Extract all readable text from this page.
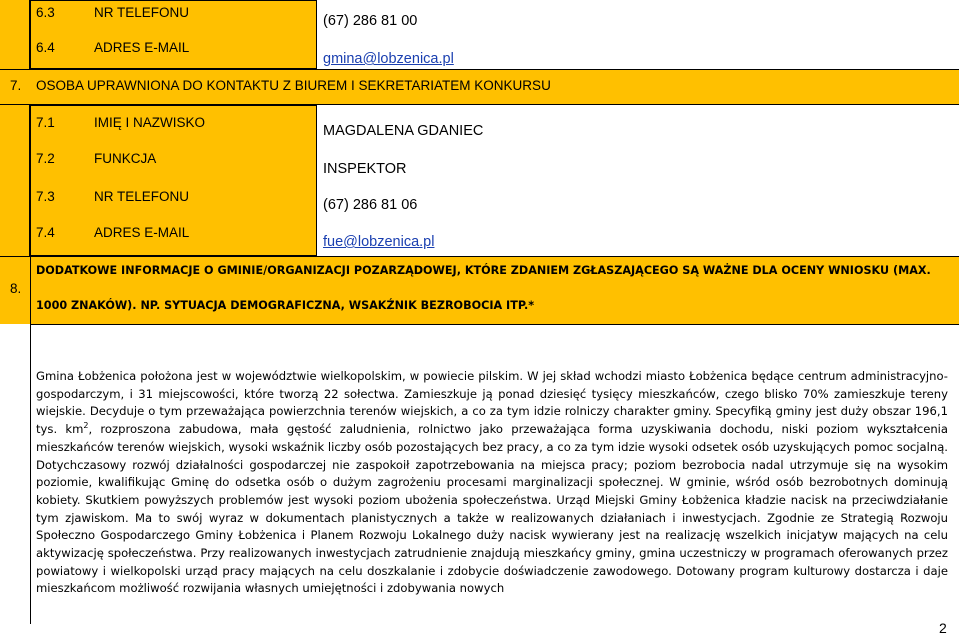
6.3	NR TELEFONU
(67) 286 81 00
6.4	ADRES E-MAIL
gmina@lobzenica.pl
7. OSOBA UPRAWNIONA DO KONTAKTU Z BIUREM I SEKRETARIATEM KONKURSU
7.1	IMIĘ I NAZWISKO
MAGDALENA GDANIEC
7.2	FUNKCJA
INSPEKTOR
7.3	NR TELEFONU
(67) 286 81 06
7.4	ADRES E-MAIL
fue@lobzenica.pl
8.
DODATKOWE INFORMACJE O GMINIE/ORGANIZACJI POZARZĄDOWEJ, KTÓRE ZDANIEM ZGŁASZAJĄCEGO SĄ WAŻNE DLA OCENY WNIOSKU (MAX.
1000 ZNAKÓW). NP. SYTUACJA DEMOGRAFICZNA, WSAKŹNIK BEZROBOCIA ITP.*
Gmina Łobżenica położona jest w województwie wielkopolskim, w powiecie pilskim. W jej skład wchodzi miasto Łobżenica będące centrum administracyjno-gospodarczym, i 31 miejscowości, które tworzą 22 sołectwa. Zamieszkuje ją ponad dziesięć tysięcy mieszkańców, czego blisko 70% zamieszkuje tereny wiejskie. Decyduje o tym przeważająca powierzchnia terenów wiejskich, a co za tym idzie rolniczy charakter gminy. Specyfiką gminy jest duży obszar 196,1 tys. $km^2$, rozproszona zabudowa, mała gęstość zaludnienia, rolnictwo jako przeważająca forma uzyskiwania dochodu, niski poziom wykształcenia mieszkańców terenów wiejskich, wysoki wskaźnik liczby osób pozostających bez pracy, a co za tym idzie wysoki odsetek osób uzyskujących pomoc socjalną. Dotychczasowy rozwój działalności gospodarczej nie zaspokoił zapotrzebowania na miejsca pracy; poziom bezrobocia nadal utrzymuje się na wysokim poziomie, kwalifikując Gminę do odsetka osób o dużym zagrożeniu procesami marginalizacji społecznej. W gminie, wśród osób bezrobotnych dominują kobiety. Skutkiem powyższych problemów jest wysoki poziom ubożenia społeczeństwa. Urząd Miejski Gminy Łobżenica kładzie nacisk na przeciwdziałanie tym zjawiskom. Ma to swój wyraz w dokumentach planistycznych a także w realizowanych działaniach i inwestycjach. Zgodnie ze Strategią Rozwoju Społeczno Gospodarczego Gminy Łobżenica i Planem Rozwoju Lokalnego duży nacisk wywierany jest na realizację wszelkich inicjatyw mających na celu aktywizację społeczeństwa. Przy realizowanych inwestycjach zatrudnienie znajdują mieszkańcy gminy, gmina uczestniczy w programach oferowanych przez powiatowy i wielkopolski urząd pracy mających na celu doszkalanie i zdobycie doświadczenie zawodowego. Dotowany program kulturowy dostarcza i daje mieszkańcom możliwość rozwijania własnych umiejętności i zdobywania nowych
2
